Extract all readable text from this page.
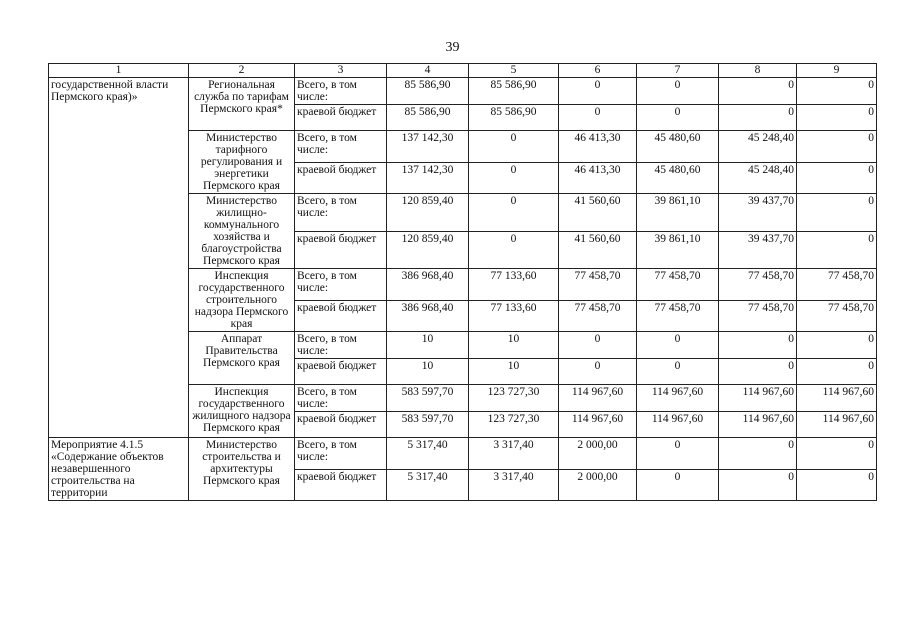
39
1	2	3	4	5	6	7	8	9
государственной власти Пермского края)»	Региональная служба по тарифам Пермского края*	Всего, в том числе:	85 586,90	85 586,90	0	0	0	0
		краевой бюджет	85 586,90	85 586,90	0	0	0	0
	Министерство тарифного регулирования и энергетики Пермского края	Всего, в том числе:	137 142,30	0	46 413,30	45 480,60	45 248,40	0
		краевой бюджет	137 142,30	0	46 413,30	45 480,60	45 248,40	0
	Министерство жилищно-коммунального хозяйства и благоустройства Пермского края	Всего, в том числе:	120 859,40	0	41 560,60	39 861,10	39 437,70	0
		краевой бюджет	120 859,40	0	41 560,60	39 861,10	39 437,70	0
	Инспекция государственного строительного надзора Пермского края	Всего, в том числе:	386 968,40	77 133,60	77 458,70	77 458,70	77 458,70	77 458,70
		краевой бюджет	386 968,40	77 133,60	77 458,70	77 458,70	77 458,70	77 458,70
	Аппарат Правительства Пермского края	Всего, в том числе:	10	10	0	0	0	0
		краевой бюджет	10	10	0	0	0	0
	Инспекция государственного жилищного надзора Пермского края	Всего, в том числе:	583 597,70	123 727,30	114 967,60	114 967,60	114 967,60	114 967,60
		краевой бюджет	583 597,70	123 727,30	114 967,60	114 967,60	114 967,60	114 967,60
Мероприятие 4.1.5 «Содержание объектов незавершенного строительства на территории	Министерство строительства и архитектуры Пермского края	Всего, в том числе:	5 317,40	3 317,40	2 000,00	0	0	0
		краевой бюджет	5 317,40	3 317,40	2 000,00	0	0	0
